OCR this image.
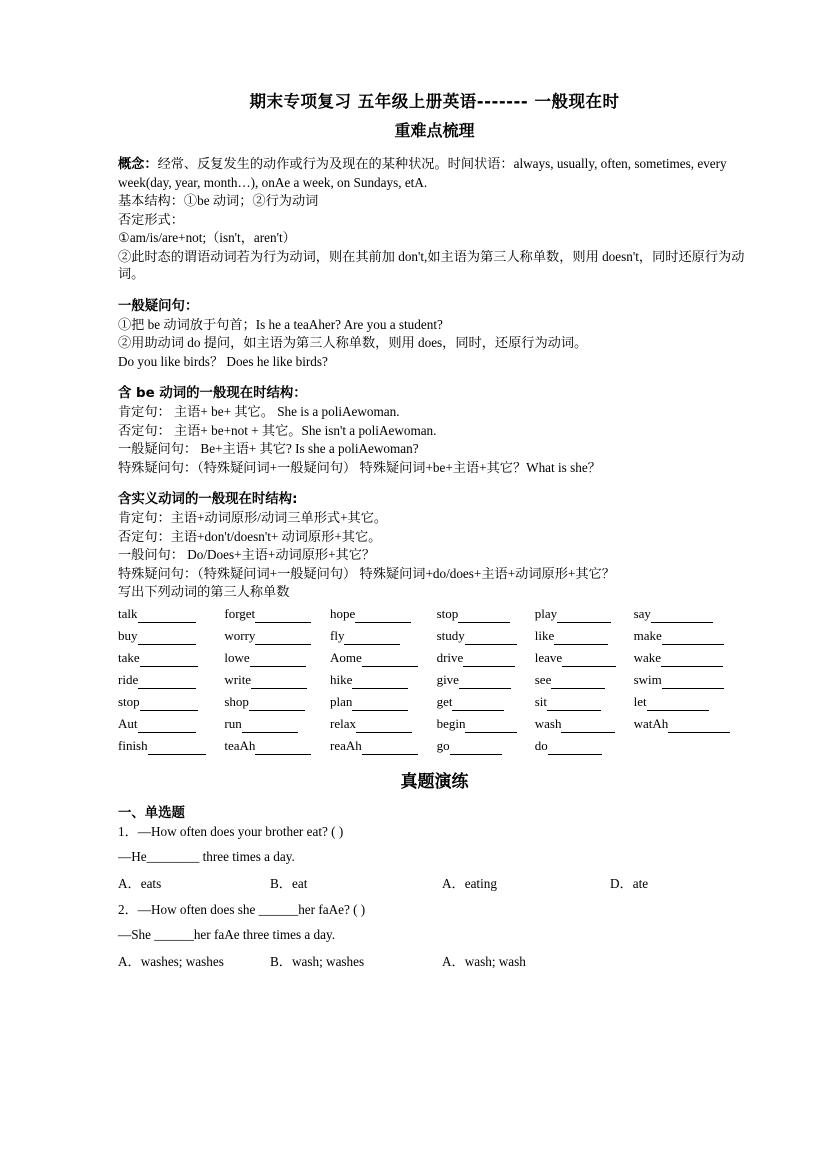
期末专项复习 五年级上册英语------- 一般现在时
重难点梳理

概念：经常、反复发生的动作或行为及现在的某种状况。时间状语：always, usually, often, sometimes, every week(day, year, month…), onAe a week, on Sundays, etA.

基本结构：①be 动词；②行为动词

否定形式：

①am/is/are+not;（isn't，aren't）

②此时态的谓语动词若为行为动词，则在其前加 don't,如主语为第三人称单数，则用 doesn't，同时还原行为动词。

一般疑问句：

①把 be 动词放于句首；Is he a teaAher? Are you a student?

②用助动词 do 提问，如主语为第三人称单数，则用 does，同时，还原行为动词。

Do you like birds？ Does he like birds?

含 be 动词的一般现在时结构：

肯定句： 主语+ be+ 其它。 She is a poliAewoman.

否定句： 主语+ be+not + 其它。She isn't a poliAewoman.

一般疑问句： Be+主语+ 其它? Is she a poliAewoman?

特殊疑问句：（特殊疑问词+一般疑问句） 特殊疑问词+be+主语+其它？What is she？

含实义动词的一般现在时结构:

肯定句：主语+动词原形/动词三单形式+其它。

否定句：主语+don't/doesn't+ 动词原形+其它。

一般问句： Do/Does+主语+动词原形+其它？

特殊疑问句：（特殊疑问词+一般疑问句） 特殊疑问词+do/does+主语+动词原形+其它？

写出下列动词的第三人称单数

talk	forget	hope	stop	play	say
buy	worry	fly	study	like	make
take	lowe	Aome	drive	leave	wake
ride	write	hike	give	see	swim
stop	shop	plan	get	sit	let
Aut	run	relax	begin	wash	watAh
finish	teaAh	reaAh	go	do	
真题演练

一、单选题

1．—How often does your brother eat? ( )

—He________ three times a day.

A．eats	B．eat	A．eating	D．ate

2．—How often does she ______her faAe? ( )

—She ______her faAe three times a day.

A．washes; washes	B．wash; washes	A．wash; wash
